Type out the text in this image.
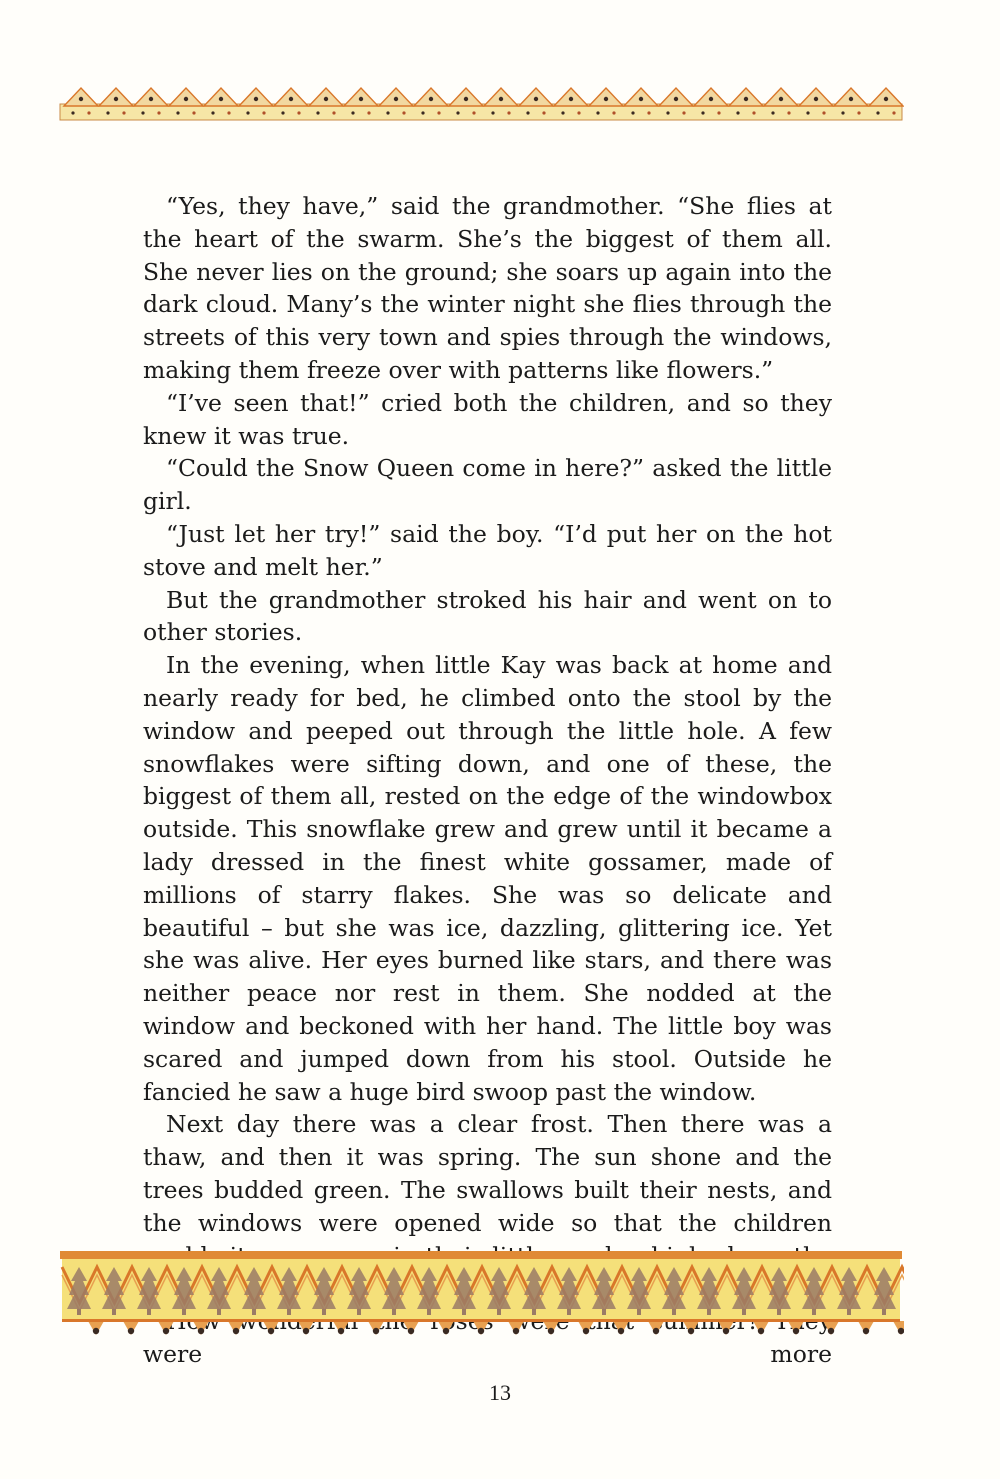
“Yes, they have,” said the grandmother. “She flies at the heart of the swarm. She’s the biggest of them all. She never lies on the ground; she soars up again into the dark cloud. Many’s the winter night she flies through the streets of this very town and spies through the windows, making them freeze over with patterns like flowers.”

“I’ve seen that!” cried both the children, and so they knew it was true.

“Could the Snow Queen come in here?” asked the little girl.

“Just let her try!” said the boy. “I’d put her on the hot stove and melt her.”

But the grandmother stroked his hair and went on to other stories.

In the evening, when little Kay was back at home and nearly ready for bed, he climbed onto the stool by the window and peeped out through the little hole. A few snowflakes were sifting down, and one of these, the biggest of them all, rested on the edge of the windowbox outside. This snowflake grew and grew until it became a lady dressed in the finest white gossamer, made of millions of starry flakes. She was so delicate and beautiful – but she was ice, dazzling, glittering ice. Yet she was alive. Her eyes burned like stars, and there was neither peace nor rest in them. She nodded at the window and beckoned with her hand. The little boy was scared and jumped down from his stool. Outside he fancied he saw a huge bird swoop past the window.

Next day there was a clear frost. Then there was a thaw, and then it was spring. The sun shone and the trees budded green. The swallows built their nests, and the windows were opened wide so that the children

were more

13
